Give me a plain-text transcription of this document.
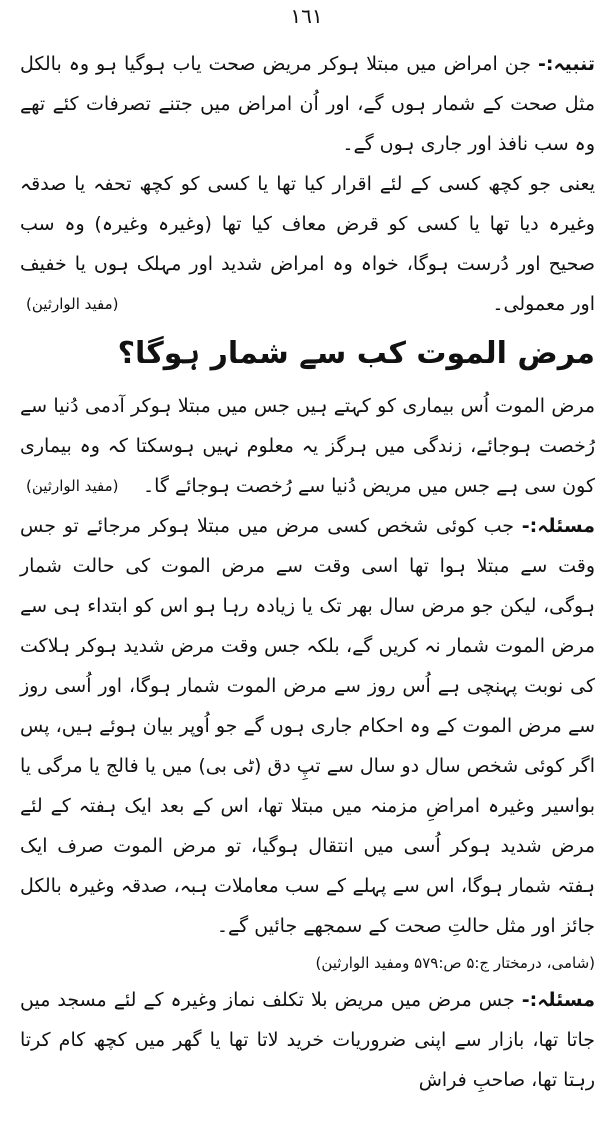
١٦١

تنبیہ:- جن امراض میں مبتلا ہوکر مریض صحت یاب ہوگیا ہو وہ بالکل مثل صحت کے شمار ہوں گے، اور اُن امراض میں جتنے تصرفات کئے تھے وہ سب نافذ اور جاری ہوں گے۔

یعنی جو کچھ کسی کے لئے اقرار کیا تھا یا کسی کو کچھ تحفہ یا صدقہ وغیرہ دیا تھا یا کسی کو قرض معاف کیا تھا (وغیرہ وغیرہ) وہ سب صحیح اور دُرست ہوگا، خواہ وہ امراض شدید اور مہلک ہوں یا خفیف اور معمولی۔
(مفید الوارثین)

مرض الموت کب سے شمار ہوگا؟

مرض الموت اُس بیماری کو کہتے ہیں جس میں مبتلا ہوکر آدمی دُنیا سے رُخصت ہوجائے، زندگی میں ہرگز یہ معلوم نہیں ہوسکتا کہ وہ بیماری کون سی ہے جس میں مریض دُنیا سے رُخصت ہوجائے گا۔
(مفید الوارثین)

مسئلہ:- جب کوئی شخص کسی مرض میں مبتلا ہوکر مرجائے تو جس وقت سے مبتلا ہوا تھا اسی وقت سے مرض الموت کی حالت شمار ہوگی، لیکن جو مرض سال بھر تک یا زیادہ رہا ہو اس کو ابتداء ہی سے مرض الموت شمار نہ کریں گے، بلکہ جس وقت مرض شدید ہوکر ہلاکت کی نوبت پہنچی ہے اُس روز سے مرض الموت شمار ہوگا، اور اُسی روز سے مرض الموت کے وہ احکام جاری ہوں گے جو اُوپر بیان ہوئے ہیں، پس اگر کوئی شخص سال دو سال سے تپِ دق (ٹی بی) میں یا فالج یا مرگی یا بواسیر وغیرہ امراضِ مزمنہ میں مبتلا تھا، اس کے بعد ایک ہفتہ کے لئے مرض شدید ہوکر اُسی میں انتقال ہوگیا، تو مرض الموت صرف ایک ہفتہ شمار ہوگا، اس سے پہلے کے سب معاملات ہبہ، صدقہ وغیرہ بالکل جائز اور مثل حالتِ صحت کے سمجھے جائیں گے۔

(شامی، درمختار ج:۵ ص:۵۷۹ ومفید الوارثین)

مسئلہ:- جس مرض میں مریض بلا تکلف نماز وغیرہ کے لئے مسجد میں جاتا تھا، بازار سے اپنی ضروریات خرید لاتا تھا یا گھر میں کچھ کام کرتا رہتا تھا، صاحبِ فراش
